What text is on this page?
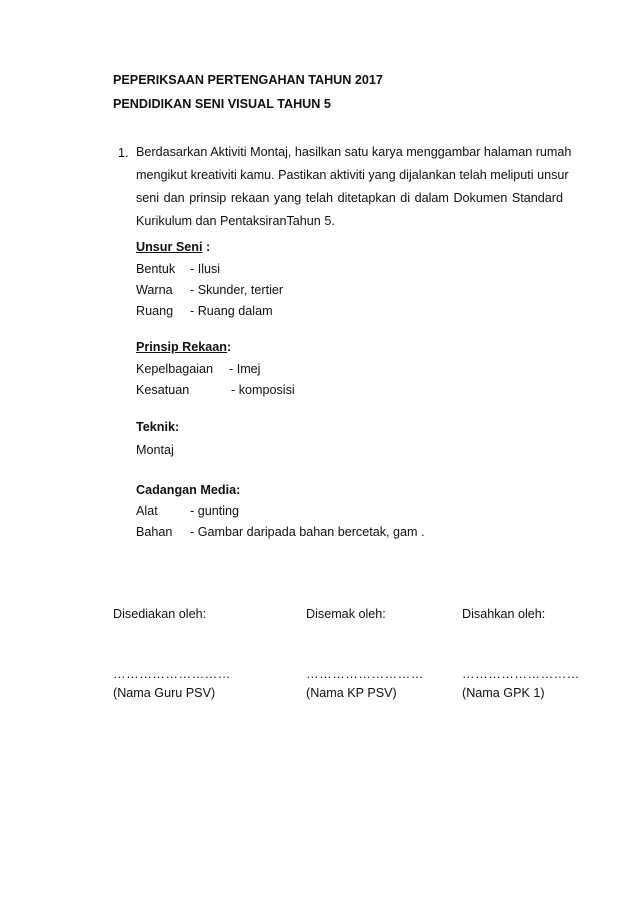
PEPERIKSAAN PERTENGAHAN TAHUN 2017
PENDIDIKAN SENI VISUAL TAHUN 5
1. Berdasarkan Aktiviti Montaj, hasilkan satu karya menggambar halaman rumah
mengikut kreativiti kamu. Pastikan aktiviti yang dijalankan telah meliputi unsur
seni dan prinsip rekaan yang telah ditetapkan di dalam Dokumen Standard
Kurikulum dan PentaksiranTahun 5.
Unsur Seni :
Bentuk - Ilusi
Warna - Skunder, tertier
Ruang - Ruang dalam
Prinsip Rekaan:
Kepelbagaian - Imej
Kesatuan	- komposisi
Teknik:
Montaj
Cadangan Media:
Alat	- gunting
Bahan - Gambar daripada bahan bercetak, gam .
Disediakan oleh:	Disemak oleh:	Disahkan oleh:
………………………	………………………	………………………
(Nama Guru PSV)	(Nama KP PSV)	(Nama GPK 1)
